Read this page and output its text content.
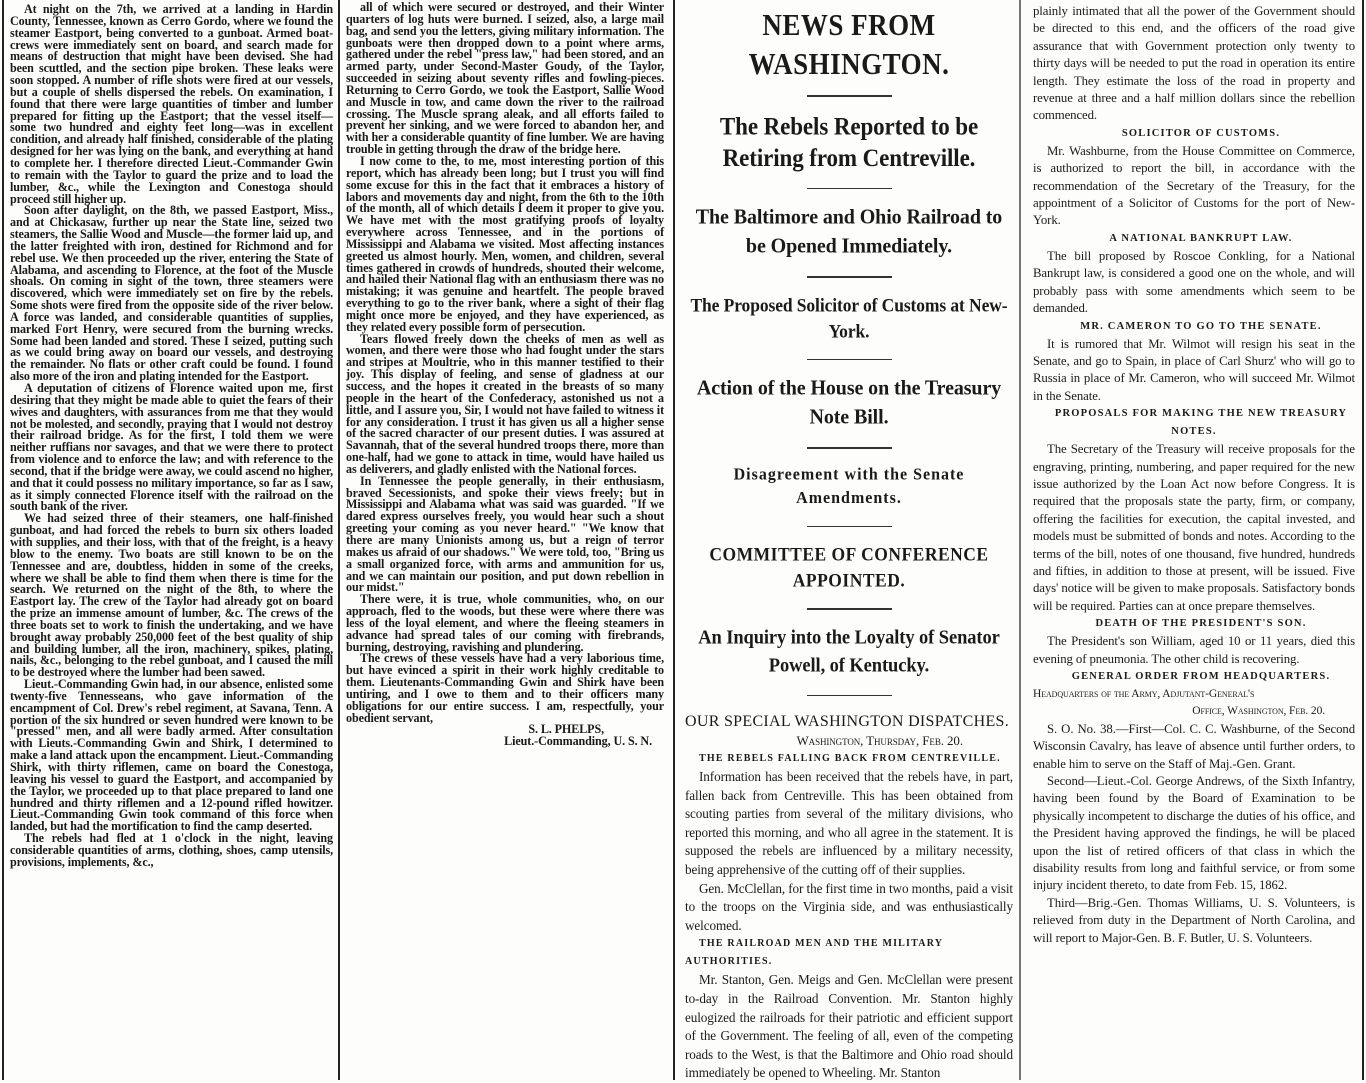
At night on the 7th, we arrived at a landing in Hardin County, Tennessee, known as Cerro Gordo, where we found the steamer Eastport, being converted to a gunboat. Armed boat-crews were immediately sent on board, and search made for means of destruction that might have been devised. She had been scuttled, and the section pipe broken. These leaks were soon stopped. A number of rifle shots were fired at our vessels, but a couple of shells dispersed the rebels. On examination, I found that there were large quantities of timber and lumber prepared for fitting up the Eastport; that the vessel itself—some two hundred and eighty feet long—was in excellent condition, and already half finished, considerable of the plating designed for her was lying on the bank, and everything at hand to complete her. I therefore directed Lieut.-Commander Gwin to remain with the Taylor to guard the prize and to load the lumber, &c., while the Lexington and Conestoga should proceed still higher up.

Soon after daylight, on the 8th, we passed Eastport, Miss., and at Chickasaw, further up near the State line, seized two steamers, the Sallie Wood and Muscle—the former laid up, and the latter freighted with iron, destined for Richmond and for rebel use. We then proceeded up the river, entering the State of Alabama, and ascending to Florence, at the foot of the Muscle shoals. On coming in sight of the town, three steamers were discovered, which were immediately set on fire by the rebels. Some shots were fired from the opposite side of the river below. A force was landed, and considerable quantities of supplies, marked Fort Henry, were secured from the burning wrecks. Some had been landed and stored. These I seized, putting such as we could bring away on board our vessels, and destroying the remainder. No flats or other craft could be found. I found also more of the iron and plating intended for the Eastport.

A deputation of citizens of Florence waited upon me, first desiring that they might be made able to quiet the fears of their wives and daughters, with assurances from me that they would not be molested, and secondly, praying that I would not destroy their railroad bridge. As for the first, I told them we were neither ruffians nor savages, and that we were there to protect from violence and to enforce the law; and with reference to the second, that if the bridge were away, we could ascend no higher, and that it could possess no military importance, so far as I saw, as it simply connected Florence itself with the railroad on the south bank of the river.

We had seized three of their steamers, one half-finished gunboat, and had forced the rebels to burn six others loaded with supplies, and their loss, with that of the freight, is a heavy blow to the enemy. Two boats are still known to be on the Tennessee and are, doubtless, hidden in some of the creeks, where we shall be able to find them when there is time for the search. We returned on the night of the 8th, to where the Eastport lay. The crew of the Taylor had already got on board the prize an immense amount of lumber, &c. The crews of the three boats set to work to finish the undertaking, and we have brought away probably 250,000 feet of the best quality of ship and building lumber, all the iron, machinery, spikes, plating, nails, &c., belonging to the rebel gunboat, and I caused the mill to be destroyed where the lumber had been sawed.

Lieut.-Commanding Gwin had, in our absence, enlisted some twenty-five Tennesseans, who gave information of the encampment of Col. Drew's rebel regiment, at Savana, Tenn. A portion of the six hundred or seven hundred were known to be "pressed" men, and all were badly armed. After consultation with Lieuts.-Commanding Gwin and Shirk, I determined to make a land attack upon the encampment. Lieut.-Commanding Shirk, with thirty riflemen, came on board the Conestoga, leaving his vessel to guard the Eastport, and accompanied by the Taylor, we proceeded up to that place prepared to land one hundred and thirty riflemen and a 12-pound rifled howitzer. Lieut.-Commanding Gwin took command of this force when landed, but had the mortification to find the camp deserted.

The rebels had fled at 1 o'clock in the night, leaving considerable quantities of arms, clothing, shoes, camp utensils, provisions, implements, &c.,

all of which were secured or destroyed, and their Winter quarters of log huts were burned. I seized, also, a large mail bag, and send you the letters, giving military information. The gunboats were then dropped down to a point where arms, gathered under the rebel "press law," had been stored, and an armed party, under Second-Master Goudy, of the Taylor, succeeded in seizing about seventy rifles and fowling-pieces. Returning to Cerro Gordo, we took the Eastport, Sallie Wood and Muscle in tow, and came down the river to the railroad crossing. The Muscle sprang aleak, and all efforts failed to prevent her sinking, and we were forced to abandon her, and with her a considerable quantity of fine lumber. We are having trouble in getting through the draw of the bridge here.

I now come to the, to me, most interesting portion of this report, which has already been long; but I trust you will find some excuse for this in the fact that it embraces a history of labors and movements day and night, from the 6th to the 10th of the month, all of which details I deem it proper to give you. We have met with the most gratifying proofs of loyalty everywhere across Tennessee, and in the portions of Mississippi and Alabama we visited. Most affecting instances greeted us almost hourly. Men, women, and children, several times gathered in crowds of hundreds, shouted their welcome, and hailed their National flag with an enthusiasm there was no mistaking; it was genuine and heartfelt. The people braved everything to go to the river bank, where a sight of their flag might once more be enjoyed, and they have experienced, as they related every possible form of persecution.

Tears flowed freely down the cheeks of men as well as women, and there were those who had fought under the stars and stripes at Moultrie, who in this manner testified to their joy. This display of feeling, and sense of gladness at our success, and the hopes it created in the breasts of so many people in the heart of the Confederacy, astonished us not a little, and I assure you, Sir, I would not have failed to witness it for any consideration. I trust it has given us all a higher sense of the sacred character of our present duties. I was assured at Savannah, that of the several hundred troops there, more than one-half, had we gone to attack in time, would have hailed us as deliverers, and gladly enlisted with the National forces.

In Tennessee the people generally, in their enthusiasm, braved Secessionists, and spoke their views freely; but in Mississippi and Alabama what was said was guarded. "If we dared express ourselves freely, you would hear such a shout greeting your coming as you never heard." "We know that there are many Unionists among us, but a reign of terror makes us afraid of our shadows." We were told, too, "Bring us a small organized force, with arms and ammunition for us, and we can maintain our position, and put down rebellion in our midst."

There were, it is true, whole communities, who, on our approach, fled to the woods, but these were where there was less of the loyal element, and where the fleeing steamers in advance had spread tales of our coming with firebrands, burning, destroying, ravishing and plundering.

The crews of these vessels have had a very laborious time, but have evinced a spirit in their work highly creditable to them. Lieutenants-Commanding Gwin and Shirk have been untiring, and I owe to them and to their officers many obligations for our entire success. I am, respectfully, your obedient servant,

S. L. PHELPS,

Lieut.-Commanding, U. S. N.

NEWS FROM WASHINGTON.
The Rebels Reported to be Retiring from Centreville.
The Baltimore and Ohio Railroad to be Opened Immediately.
The Proposed Solicitor of Customs at New-York.
Action of the House on the Treasury Note Bill.
Disagreement with the Senate Amendments.
COMMITTEE OF CONFERENCE APPOINTED.
An Inquiry into the Loyalty of Senator Powell, of Kentucky.
OUR SPECIAL WASHINGTON DISPATCHES.
Washington, Thursday, Feb. 20.

THE REBELS FALLING BACK FROM CENTREVILLE.

Information has been received that the rebels have, in part, fallen back from Centreville. This has been obtained from scouting parties from several of the military divisions, who reported this morning, and who all agree in the statement. It is supposed the rebels are influenced by a military necessity, being apprehensive of the cutting off of their supplies.

Gen. McClellan, for the first time in two months, paid a visit to the troops on the Virginia side, and was enthusiastically welcomed.

THE RAILROAD MEN AND THE MILITARY AUTHORITIES.

Mr. Stanton, Gen. Meigs and Gen. McClellan were present to-day in the Railroad Convention. Mr. Stanton highly eulogized the railroads for their patriotic and efficient support of the Government. The feeling of all, even of the competing roads to the West, is that the Baltimore and Ohio road should immediately be opened to Wheeling. Mr. Stanton

plainly intimated that all the power of the Government should be directed to this end, and the officers of the road give assurance that with Government protection only twenty to thirty days will be needed to put the road in operation its entire length. They estimate the loss of the road in property and revenue at three and a half million dollars since the rebellion commenced.

SOLICITOR OF CUSTOMS.

Mr. Washburne, from the House Committee on Commerce, is authorized to report the bill, in accordance with the recommendation of the Secretary of the Treasury, for the appointment of a Solicitor of Customs for the port of New-York.

A NATIONAL BANKRUPT LAW.

The bill proposed by Roscoe Conkling, for a National Bankrupt law, is considered a good one on the whole, and will probably pass with some amendments which seem to be demanded.

MR. CAMERON TO GO TO THE SENATE.

It is rumored that Mr. Wilmot will resign his seat in the Senate, and go to Spain, in place of Carl Shurz' who will go to Russia in place of Mr. Cameron, who will succeed Mr. Wilmot in the Senate.

PROPOSALS FOR MAKING THE NEW TREASURY NOTES.

The Secretary of the Treasury will receive proposals for the engraving, printing, numbering, and paper required for the new issue authorized by the Loan Act now before Congress. It is required that the proposals state the party, firm, or company, offering the facilities for execution, the capital invested, and models must be submitted of bonds and notes. According to the terms of the bill, notes of one thousand, five hundred, hundreds and fifties, in addition to those at present, will be issued. Five days' notice will be given to make proposals. Satisfactory bonds will be required. Parties can at once prepare themselves.

DEATH OF THE PRESIDENT'S SON.

The President's son William, aged 10 or 11 years, died this evening of pneumonia. The other child is recovering.

GENERAL ORDER FROM HEADQUARTERS.

Headquarters of the Army, Adjutant-General's

Office, Washington, Feb. 20.

S. O. No. 38.—First—Col. C. C. Washburne, of the Second Wisconsin Cavalry, has leave of absence until further orders, to enable him to serve on the Staff of Maj.-Gen. Grant.

Second—Lieut.-Col. George Andrews, of the Sixth Infantry, having been found by the Board of Examination to be physically incompetent to discharge the duties of his office, and the President having approved the findings, he will be placed upon the list of retired officers of that class in which the disability results from long and faithful service, or from some injury incident thereto, to date from Feb. 15, 1862.

Third—Brig.-Gen. Thomas Williams, U. S. Volunteers, is relieved from duty in the Department of North Carolina, and will report to Major-Gen. B. F. Butler, U. S. Volunteers.
